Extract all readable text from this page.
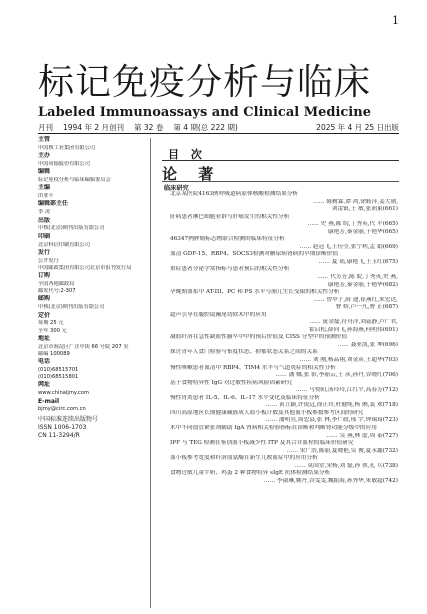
1
标记免疫分析与临床
Labeled Immunoassays and Clinical Medicine
月刊 1994 年 2 月创刊 第 32 卷 第 4 期(总 222 期)	2025 年 4 月 25 日出版
主管
中国核工业集团有限公司
主办
中国同辐股份有限公司
编辑
标记免疫分析与临床编辑委员会
主编
田亚平
编辑部主任
李 凌
出版
中核(北京)期刊出版有限公司
印刷
北京科信印刷有限公司
发行
公开发行
中国邮政集团有限公司北京市报刊发行局
订购
全国各地邮政局
邮发代号:2-307
邮购
中核(北京)期刊出版有限公司
定价
每期 25 元
全年 300 元
地址
北京市海淀区厂洼中街 66 号院 207 室
邮编 100089
电话
(010)68515701
(010)68515801
网址
www.chinaljmy.com
E-mail
bjmy@circ.com.cn
中国标准连续出版物号
ISSN 1006-1703
CN 11-3294/R
目 次
论 著
临床研究
北京某医院4163例呼吸道病原体核酸检测结果分析
…… 陈树霖,谭 鸿,徐筱萍,姜大勋,
刘雷镇,王 敏,张润東(661)
肝病患者淋巴细胞亚群与肝癌发生的相关性分析
…… 史 燕,陈 皖,丁秀英,代 平(665)
康艳芳,秦金丽,于艳华(665)
46347例肿瘤标志物联合检测的临床特征分析
…… 赵冠飞,王佳莹,张宁利,孟 娟(669)
血清 GDF-15、RBP4、SOCS3检测对糖尿病肾病的早期诊断价值
…… 夏 瑶,康艳飞,王玉红(675)
重症患者分泌学常指标与患者预后的相关性分析
…… 代芳芳,陈 皖,丁秀英,史 燕,
康艳芳,秦金丽,于艳华(682)
孕晚期血浆中 AT-III、PC 和 PS 水平与胎儿生长受限的相关性分析
…… 曾甲子,薛 迪,崔燕红,朱宏达,
曹 娇,卢一凡,曹 正(687)
超声引导在腹腔镜阑尾切除术中的应用
…… 庞金磊,符舟洋,刘蕊静,卢广君,
霍启松,薛向飞,孙海燕,何明伟(691)
凝血纤溶在急性缺血性脑卒中中的预后价值及 CISS 分型中的预测价值
…… 聂亚凯,张 坤(696)
探讨青年人食门检验与集度状态、抑郁状态关系之间的关系
…… 刘 刚,杨品翔,刘金彦,王超华(703)
慢性咳嗽患者血清中 RBP4、TIM4 水平与气道炎症的相关性分析
…… 潘 娜,张 影,李丽云,王 彦,孙丹,谷晓红(706)
基于食物特异性 IgG 对过敏性疾病风险因素研究
…… 马赞阳,汤玲玲,江红平,高春芳(712)
慢性胃炎患者 IL-5、IL-6、IL-17 水平变化及临床特征分析
…… 黄立颖,许锐远,徐正玲,杜健纯,杨 俐,裴 欢(718)
四川高原地区长期健康藏族成人血小板计数及其他血小板参数参考区间的研究
…… 潘明亮,周忠县,张 林,李广政,邢 宇,钟锡筠(723)
术中不同血管紧张剂辅助 IgA 肾病相关检验指标在诊断和判断肾功能分级中的应用
…… 吴 燕,林 虚,周 泰(727)
IPF 与 TEG 检测在鉴别血小板减少性 ITP 及其合并血栓的临床价值研究
…… 宋广浩,陈丽,夏晓艳,吴 俊,夏永鑫(732)
血小板参考宽度和纤溶血氨酶在新生儿败血症中的应用分析
…… 莫国堂,宋杨,刘 磊,孙 侠,孔 兵(738)
食物过敏儿童牛奶、鸡蛋 2 种食物特异 sIgE 抗体检测结果分析
…… 李淑琳,姚丹,谷雯雯,魏振海,孙秀华,朱敏超(742)
